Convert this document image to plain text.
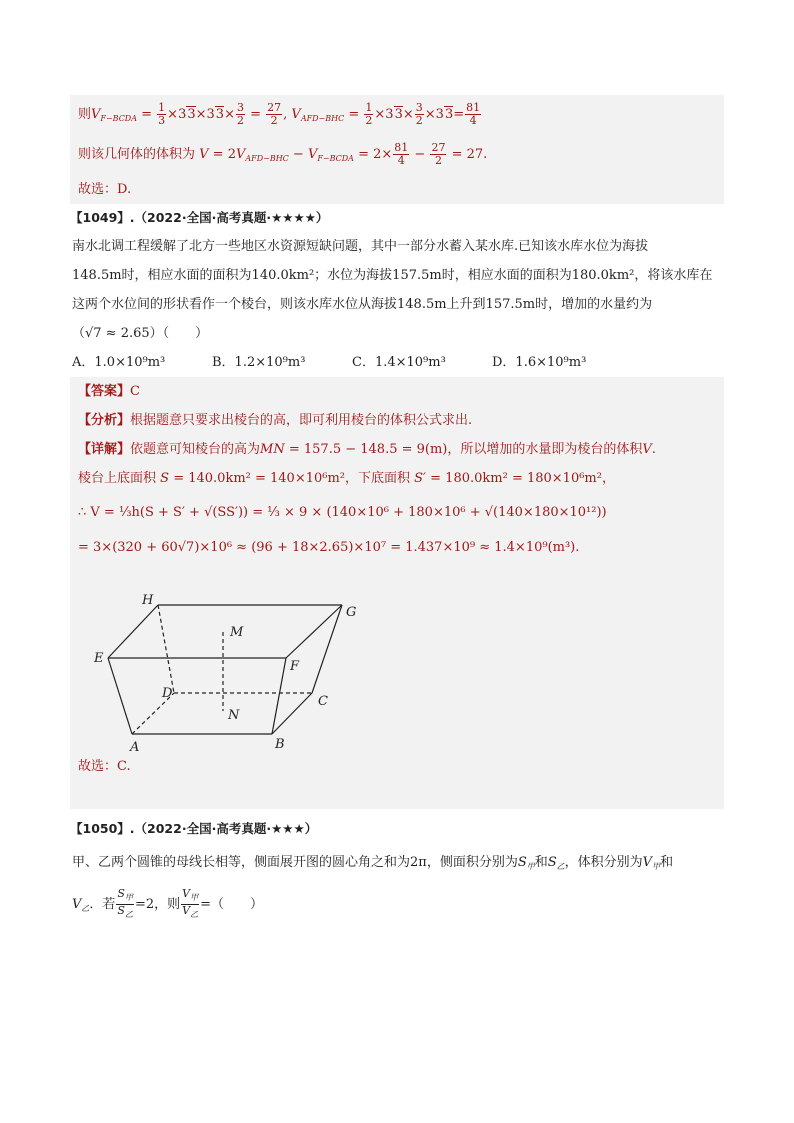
则$V_{F-BCDA} = \frac{1}{3} \times 33\times 33\times \frac{3}{2} = \frac{27}{2}$ , $V_{AFD-BHC} = \frac{1}{2} \times 33\times \frac{3}{2} \times 33= \frac{81}{4}$
则该几何体的体积为 $V = 2V_{AFD-BHC} - V_{F-BCDA} = 2\times \frac{81}{4} - \frac{27}{2} = 27$.
故选：D.
【1049】.（2022·全国·高考真题·★★★★）
南水北调工程缓解了北方一些地区水资源短缺问题，其中一部分水蓄入某水库.已知该水库水位为海拔
148.5m时，相应水面的面积为140.0km²；水位为海拔157.5m时，相应水面的面积为180.0km²，将该水库在
这两个水位间的形状看作一个棱台，则该水库水位从海拔148.5m上升到157.5m时，增加的水量约为
（√7 ≈ 2.65）（　　）
A．1.0×10⁹m³	B．1.2×10⁹m³	C．1.4×10⁹m³	D．1.6×10⁹m³
【答案】C
【分析】根据题意只要求出棱台的高，即可利用棱台的体积公式求出.
【详解】依题意可知棱台的高为MN = 157.5 − 148.5 = 9(m)，所以增加的水量即为棱台的体积V.
棱台上底面积 S = 140.0km² = 140×10⁶m²，下底面积 S′ = 180.0km² = 180×10⁶m²，
∴ V = ⅓h(S + S′ + √(SS′)) = ⅓ × 9 × (140×10⁶ + 180×10⁶ + √(140×180×10¹²))
= 3×(320 + 60√7)×10⁶ ≈ (96 + 18×2.65)×10⁷ = 1.437×10⁹ ≈ 1.4×10⁹(m³).
H
G
M
E
F
D
C
N
A	B
故选：C.
【1050】.（2022·全国·高考真题·★★★）
甲、乙两个圆锥的母线长相等，侧面展开图的圆心角之和为2π，侧面积分别为$S_甲$和$S_乙$，体积分别为$V_甲$和
$V_乙$．若 $\frac{S_甲}{S_乙} =2$，则 $\frac{V_甲}{V_乙}$ =（　　）
